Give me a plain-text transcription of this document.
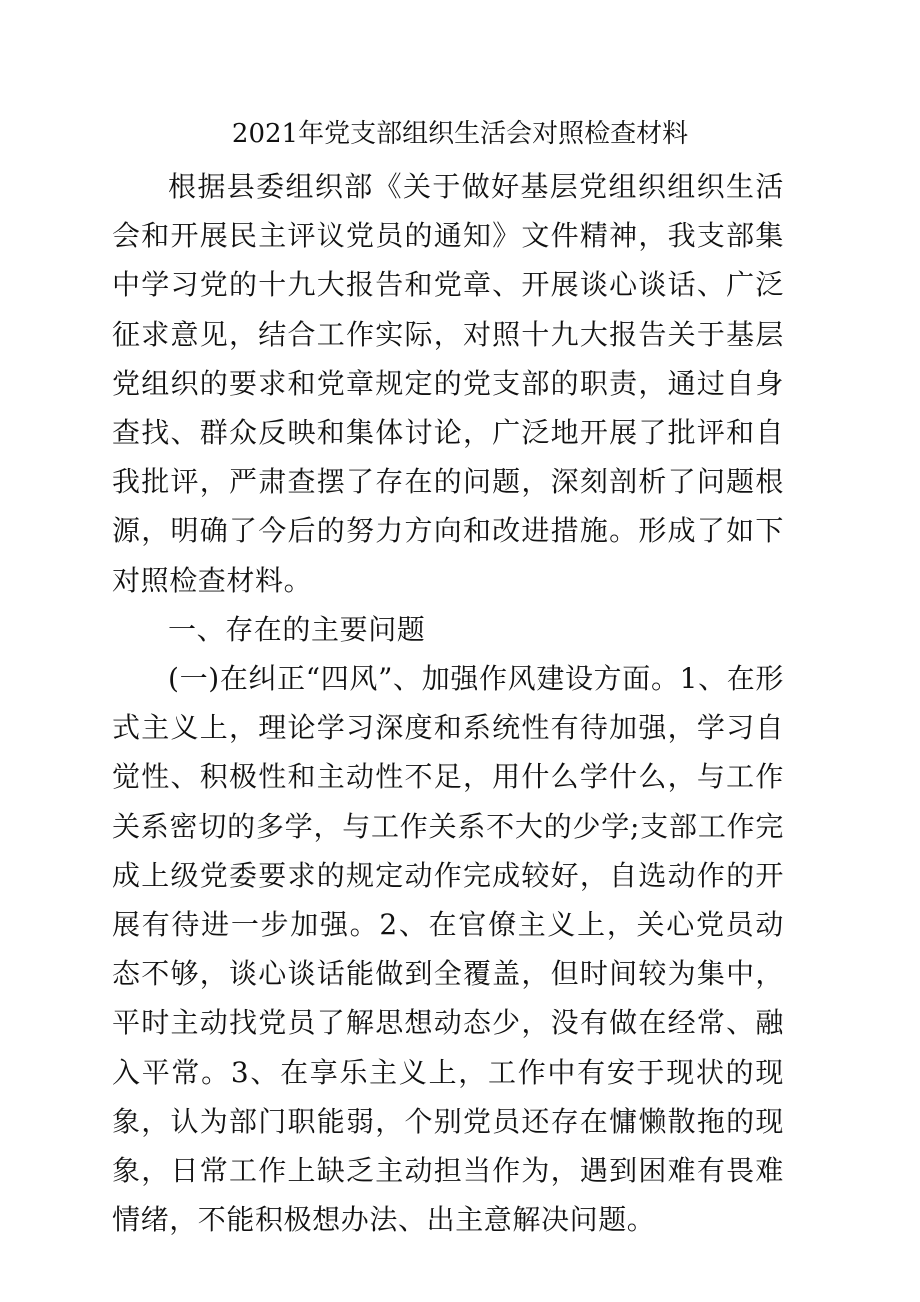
2021年党支部组织生活会对照检查材料

根据县委组织部《关于做好基层党组织组织生活会和开展民主评议党员的通知》文件精神，我支部集中学习党的十九大报告和党章、开展谈心谈话、广泛征求意见，结合工作实际，对照十九大报告关于基层党组织的要求和党章规定的党支部的职责，通过自身查找、群众反映和集体讨论，广泛地开展了批评和自我批评，严肃查摆了存在的问题，深刻剖析了问题根源，明确了今后的努力方向和改进措施。形成了如下对照检查材料。

一、存在的主要问题

(一)在纠正“四风”、加强作风建设方面。1、在形式主义上，理论学习深度和系统性有待加强，学习自觉性、积极性和主动性不足，用什么学什么，与工作关系密切的多学，与工作关系不大的少学;支部工作完成上级党委要求的规定动作完成较好，自选动作的开展有待进一步加强。2、在官僚主义上，关心党员动态不够，谈心谈话能做到全覆盖，但时间较为集中，平时主动找党员了解思想动态少，没有做在经常、融入平常。3、在享乐主义上，工作中有安于现状的现象，认为部门职能弱，个别党员还存在慵懒散拖的现象，日常工作上缺乏主动担当作为，遇到困难有畏难情绪，不能积极想办法、出主意解决问题。
